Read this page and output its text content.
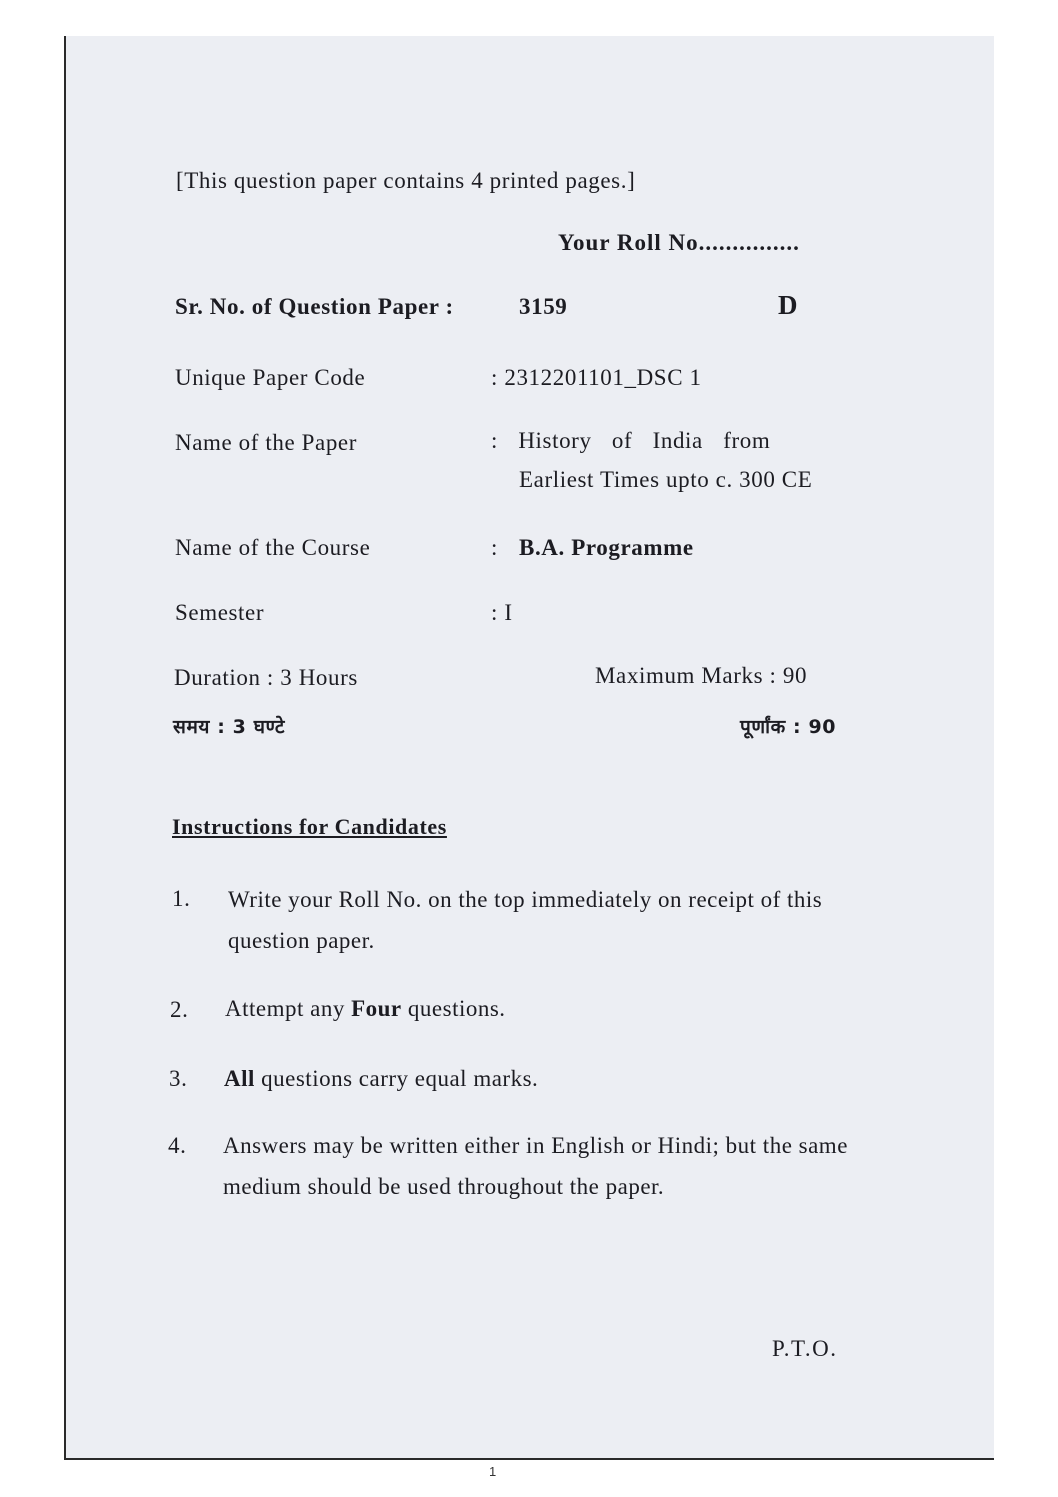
[This question paper contains 4 printed pages.]
Your Roll No...............
Sr. No. of Question Paper :	3159	D
Unique Paper Code	: 2312201101_DSC 1
Name of the Paper	: History of India from
Earliest Times upto c. 300 CE
Name of the Course	: B.A. Programme
Semester	: I
Duration : 3 Hours	Maximum Marks : 90
समय : 3 घण्टे	पूर्णांक : 90
Instructions for Candidates
1. Write your Roll No. on the top immediately on receipt of this question paper.
2. Attempt any Four questions.
3. All questions carry equal marks.
4. Answers may be written either in English or Hindi; but the same medium should be used throughout the paper.
P.T.O.
1
